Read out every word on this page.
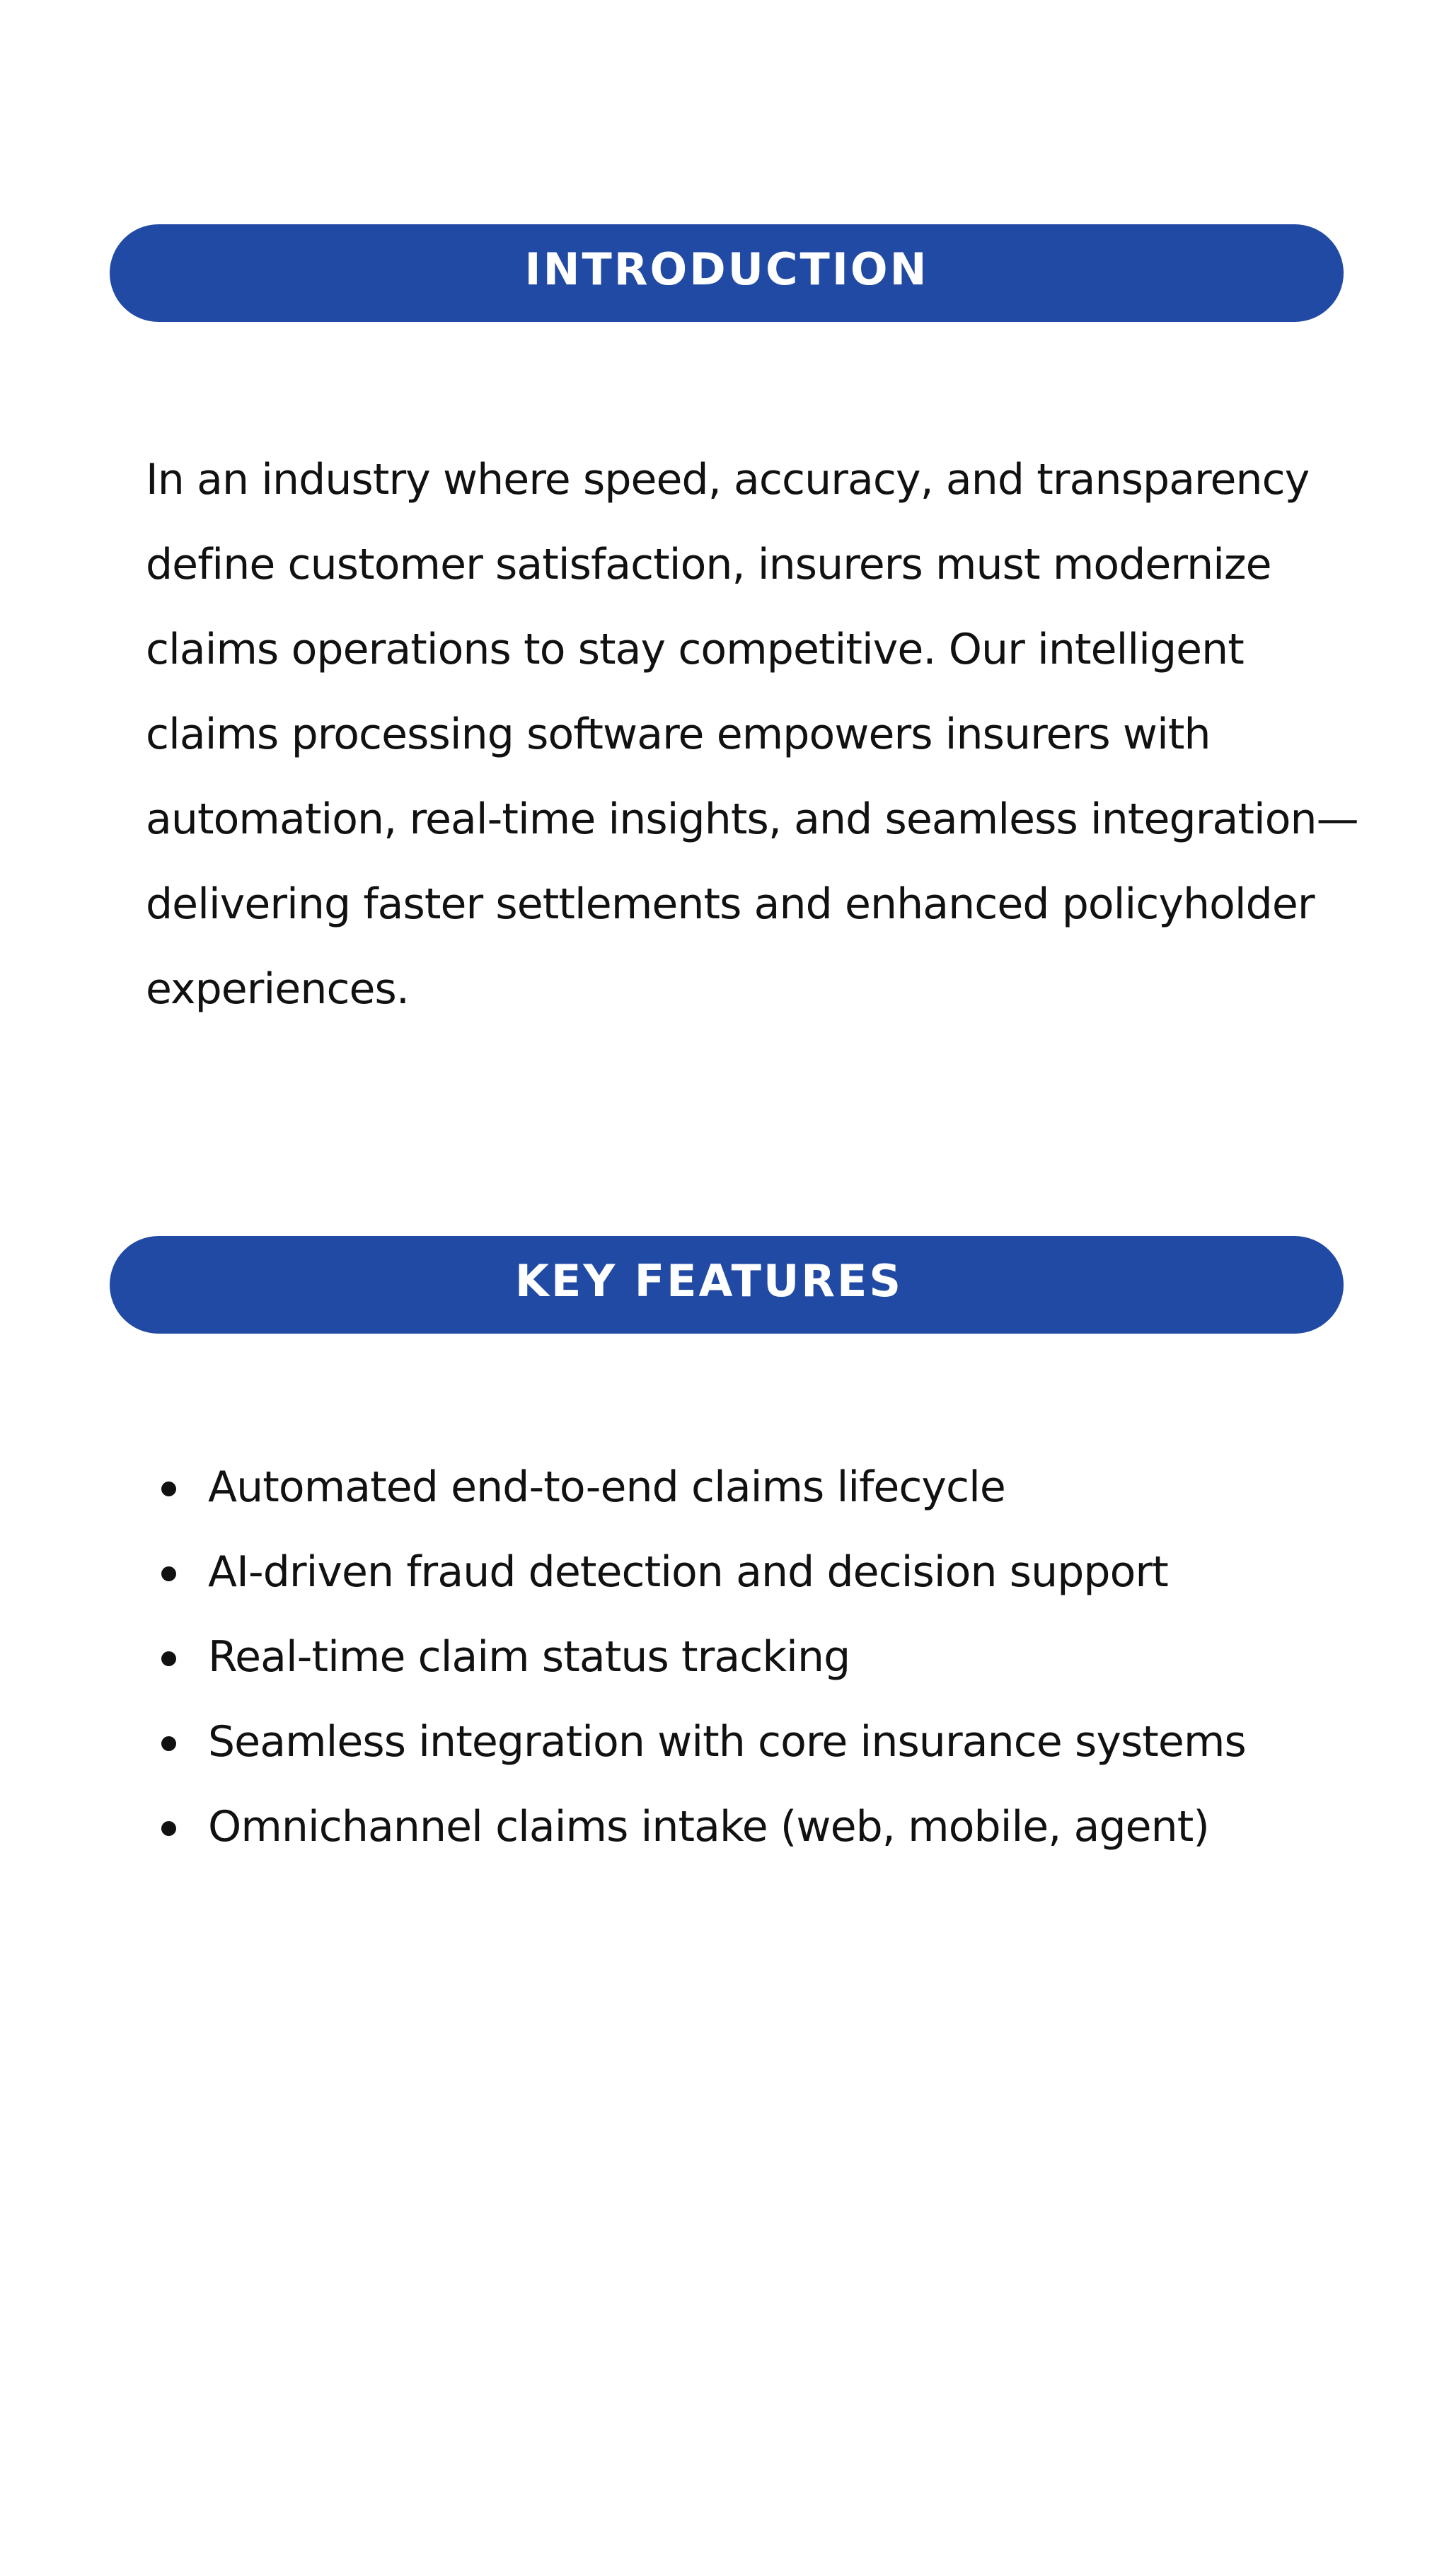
INTRODUCTION

In an industry where speed, accuracy, and transparency define customer satisfaction, insurers must modernize claims operations to stay competitive. Our intelligent claims processing software empowers insurers with automation, real-time insights, and seamless integration—delivering faster settlements and enhanced policyholder experiences.

KEY FEATURES
Automated end-to-end claims lifecycle
AI-driven fraud detection and decision support
Real-time claim status tracking
Seamless integration with core insurance systems
Omnichannel claims intake (web, mobile, agent)
